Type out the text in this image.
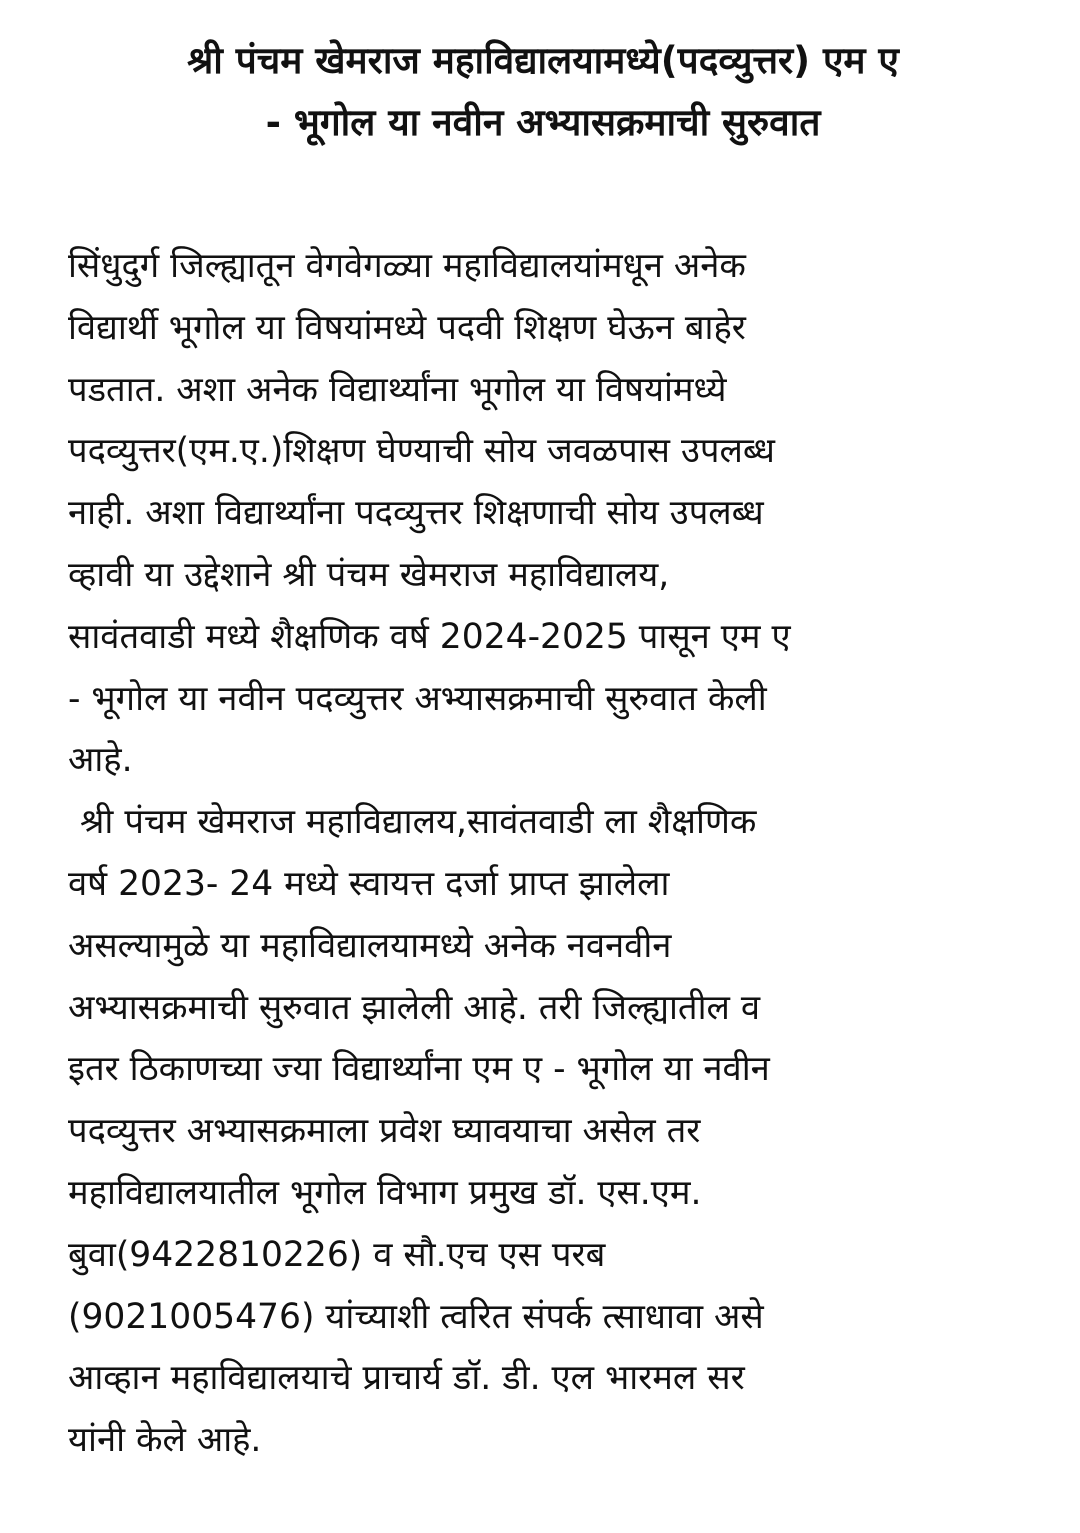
श्री पंचम खेमराज महाविद्यालयामध्ये(पदव्युत्तर) एम ए
- भूगोल या नवीन अभ्यासक्रमाची सुरुवात

सिंधुदुर्ग जिल्ह्यातून वेगवेगळ्या महाविद्यालयांमधून अनेक
विद्यार्थी भूगोल या विषयांमध्ये पदवी शिक्षण घेऊन बाहेर
पडतात. अशा अनेक विद्यार्थ्यांना भूगोल या विषयांमध्ये
पदव्युत्तर(एम.ए.)शिक्षण घेण्याची सोय जवळपास उपलब्ध
नाही. अशा विद्यार्थ्यांना पदव्युत्तर शिक्षणाची सोय उपलब्ध
व्हावी या उद्देशाने श्री पंचम खेमराज महाविद्यालय,
सावंतवाडी मध्ये शैक्षणिक वर्ष 2024-2025 पासून एम ए
- भूगोल या नवीन पदव्युत्तर अभ्यासक्रमाची सुरुवात केली
आहे.

श्री पंचम खेमराज महाविद्यालय,सावंतवाडी ला शैक्षणिक
वर्ष 2023- 24 मध्ये स्वायत्त दर्जा प्राप्त झालेला
असल्यामुळे या महाविद्यालयामध्ये अनेक नवनवीन
अभ्यासक्रमाची सुरुवात झालेली आहे. तरी जिल्ह्यातील व
इतर ठिकाणच्या ज्या विद्यार्थ्यांना एम ए - भूगोल या नवीन
पदव्युत्तर अभ्यासक्रमाला प्रवेश घ्यावयाचा असेल तर
महाविद्यालयातील भूगोल विभाग प्रमुख डॉ. एस.एम.
बुवा(9422810226) व सौ.एच एस परब
(9021005476) यांच्याशी त्वरित संपर्क त्साधावा असे
आव्हान महाविद्यालयाचे प्राचार्य डॉ. डी. एल भारमल सर
यांनी केले आहे.
